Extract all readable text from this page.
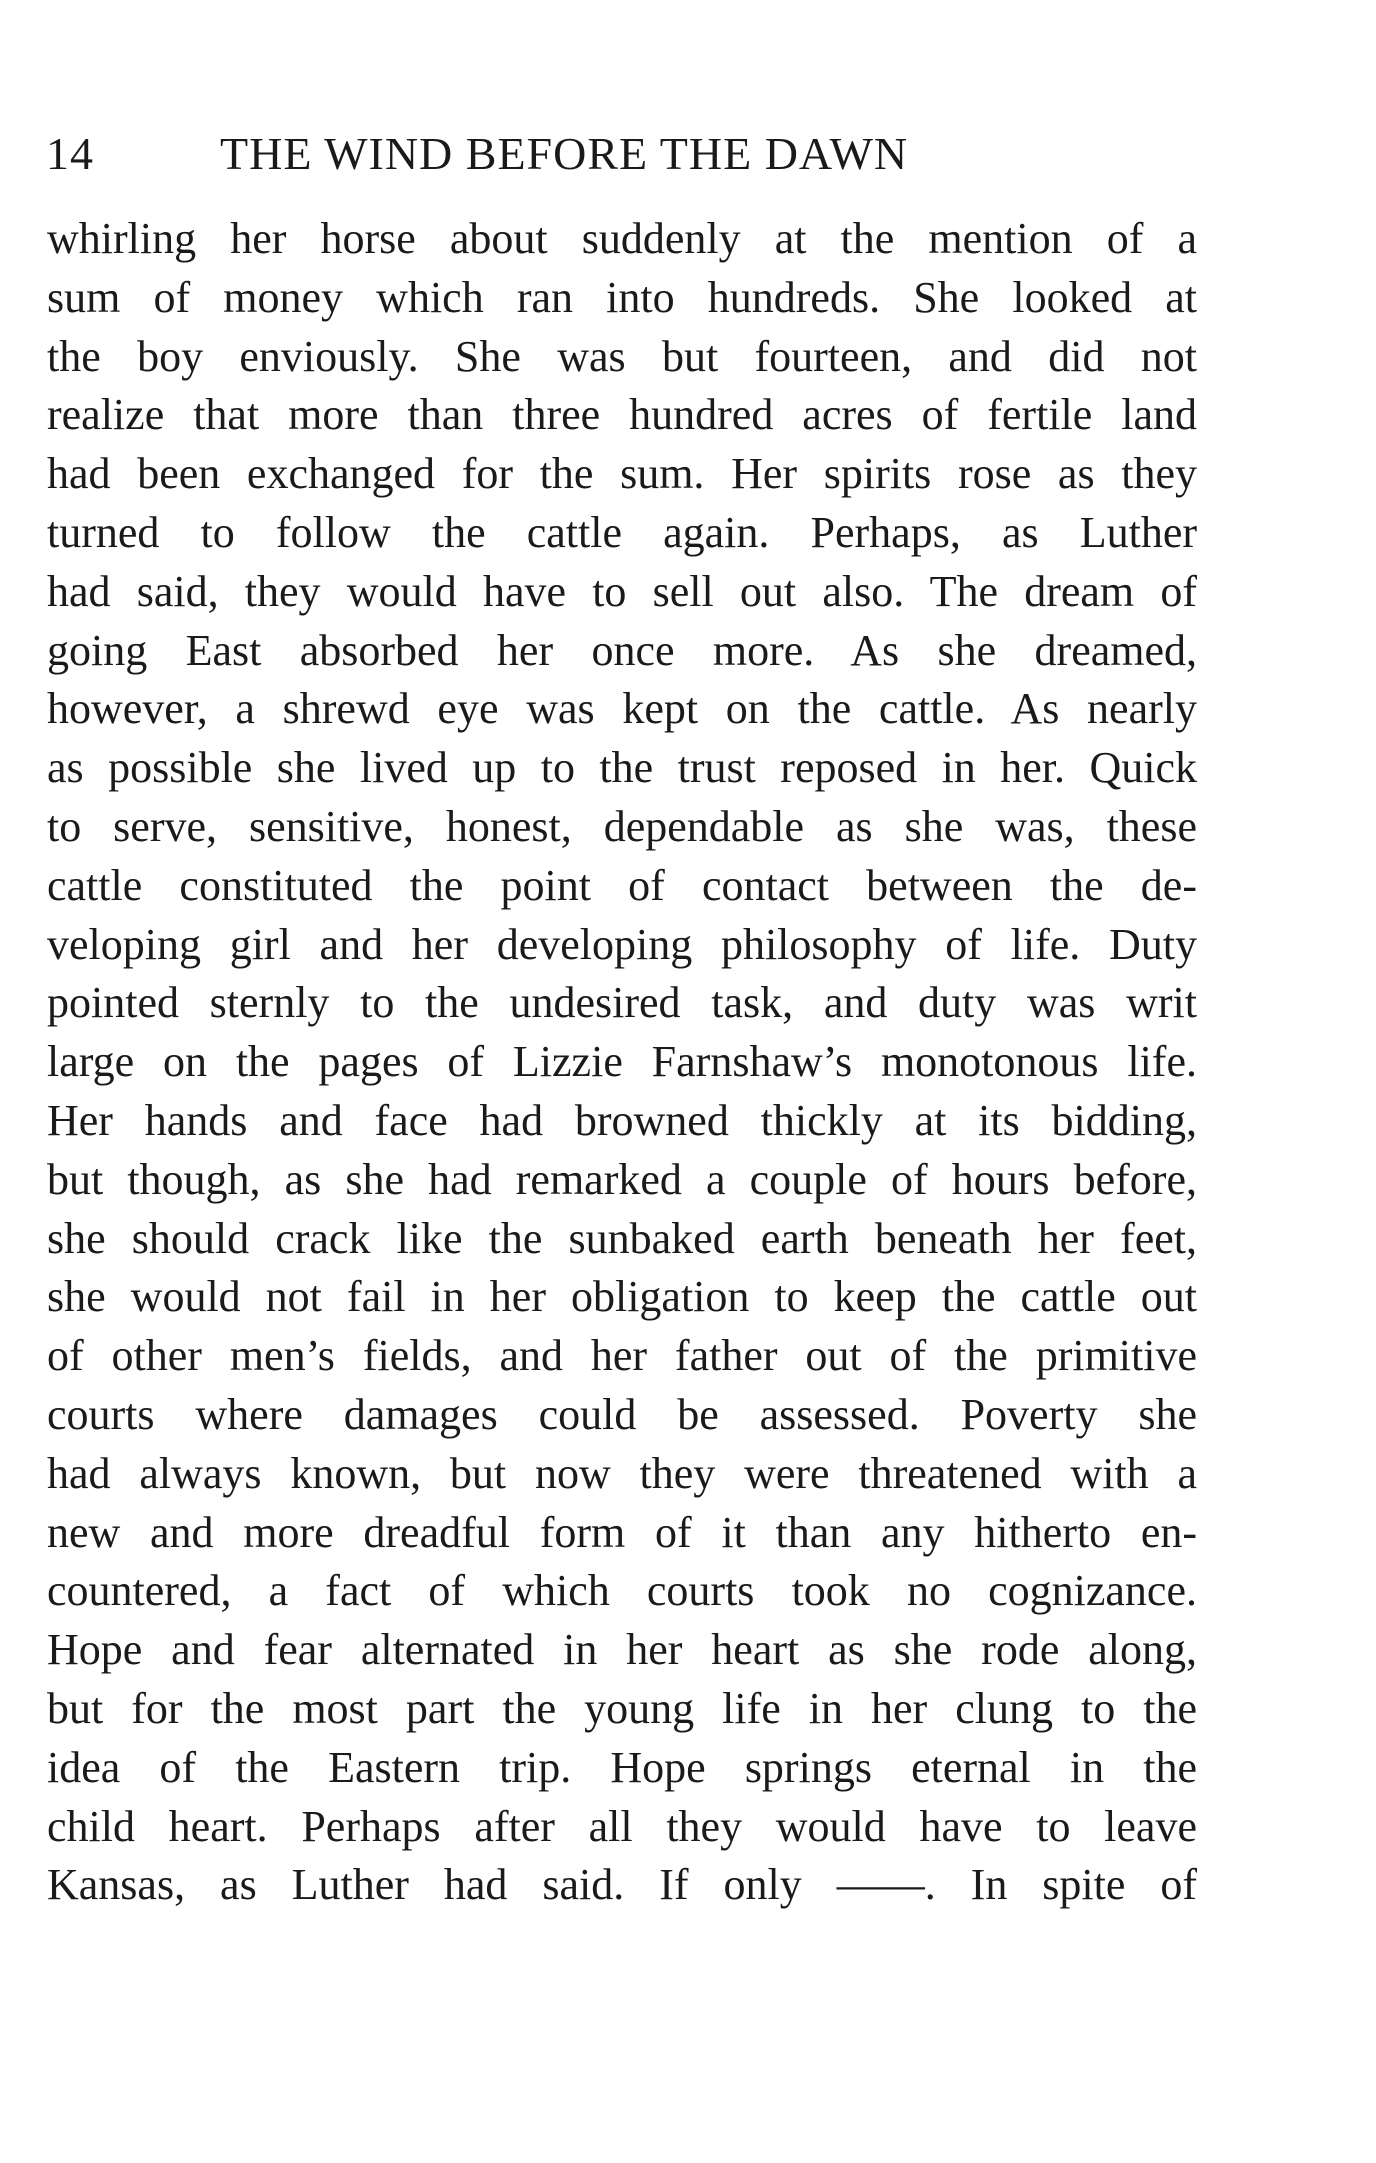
14	THE WIND BEFORE THE DAWN
whirling her horse about suddenly at the mention of a
sum of money which ran into hundreds. She looked at
the boy enviously. She was but fourteen, and did not
realize that more than three hundred acres of fertile land
had been exchanged for the sum. Her spirits rose as they
turned to follow the cattle again. Perhaps, as Luther
had said, they would have to sell out also. The dream of
going East absorbed her once more. As she dreamed,
however, a shrewd eye was kept on the cattle. As nearly
as possible she lived up to the trust reposed in her. Quick
to serve, sensitive, honest, dependable as she was, these
cattle constituted the point of contact between the de-
veloping girl and her developing philosophy of life. Duty
pointed sternly to the undesired task, and duty was writ
large on the pages of Lizzie Farnshaw’s monotonous life.
Her hands and face had browned thickly at its bidding,
but though, as she had remarked a couple of hours before,
she should crack like the sunbaked earth beneath her feet,
she would not fail in her obligation to keep the cattle out
of other men’s fields, and her father out of the primitive
courts where damages could be assessed. Poverty she
had always known, but now they were threatened with a
new and more dreadful form of it than any hitherto en-
countered, a fact of which courts took no cognizance.
Hope and fear alternated in her heart as she rode along,
but for the most part the young life in her clung to the
idea of the Eastern trip. Hope springs eternal in the
child heart. Perhaps after all they would have to leave
Kansas, as Luther had said. If only ——. In spite of
